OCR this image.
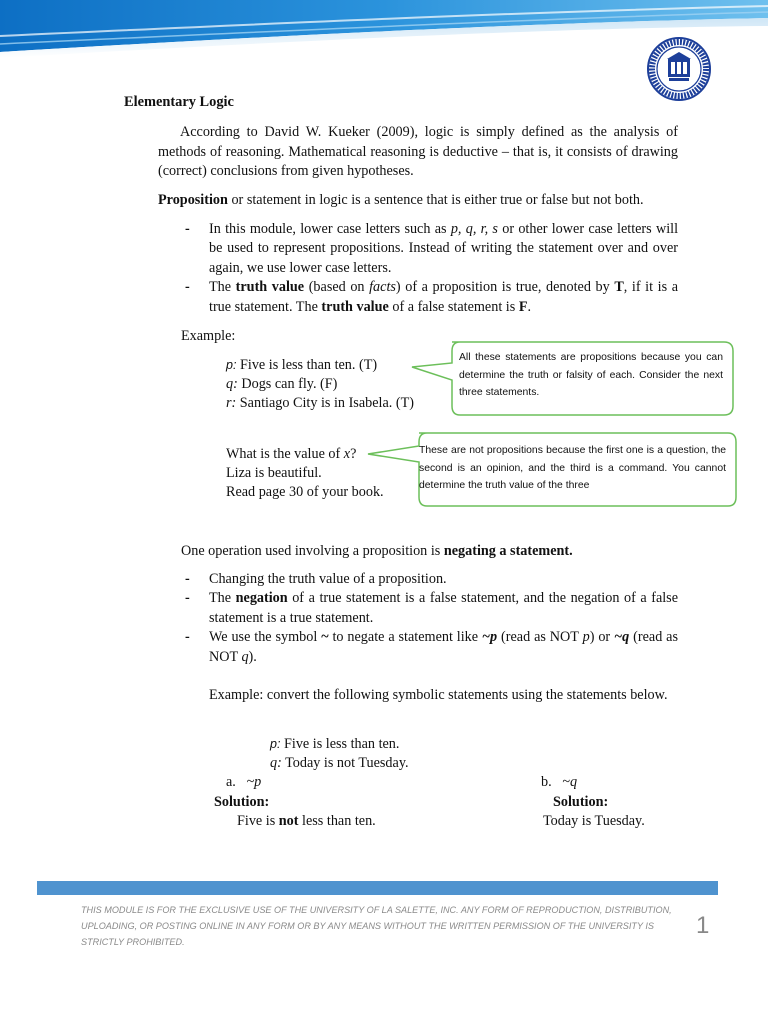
Elementary Logic
According to David W. Kueker (2009), logic is simply defined as the analysis of methods of reasoning. Mathematical reasoning is deductive – that is, it consists of drawing (correct) conclusions from given hypotheses.
Proposition or statement in logic is a sentence that is either true or false but not both.
- In this module, lower case letters such as p, q, r, s or other lower case letters will be used to represent propositions. Instead of writing the statement over and over again, we use lower case letters.
- The truth value (based on facts) of a proposition is true, denoted by T, if it is a true statement. The truth value of a false statement is F.
Example:
p: Five is less than ten. (T)
q: Dogs can fly. (F)
r: Santiago City is in Isabela. (T)
All these statements are propositions because you can determine the truth or falsity of each. Consider the next three statements.
What is the value of x?
Liza is beautiful.
Read page 30 of your book.
These are not propositions because the first one is a question, the second is an opinion, and the third is a command. You cannot determine the truth value of the three
One operation used involving a proposition is negating a statement.
- Changing the truth value of a proposition.
- The negation of a true statement is a false statement, and the negation of a false statement is a true statement.
- We use the symbol ~ to negate a statement like ~p (read as NOT p) or ~q (read as NOT q).
Example: convert the following symbolic statements using the statements below.
p: Five is less than ten.
q: Today is not Tuesday.
a. ~p
Solution:
Five is not less than ten.
b. ~q
Solution:
Today is Tuesday.
THIS MODULE IS FOR THE EXCLUSIVE USE OF THE UNIVERSITY OF LA SALETTE, INC. ANY FORM OF REPRODUCTION, DISTRIBUTION, UPLOADING, OR POSTING ONLINE IN ANY FORM OR BY ANY MEANS WITHOUT THE WRITTEN PERMISSION OF THE UNIVERSITY IS STRICTLY PROHIBITED.
1
